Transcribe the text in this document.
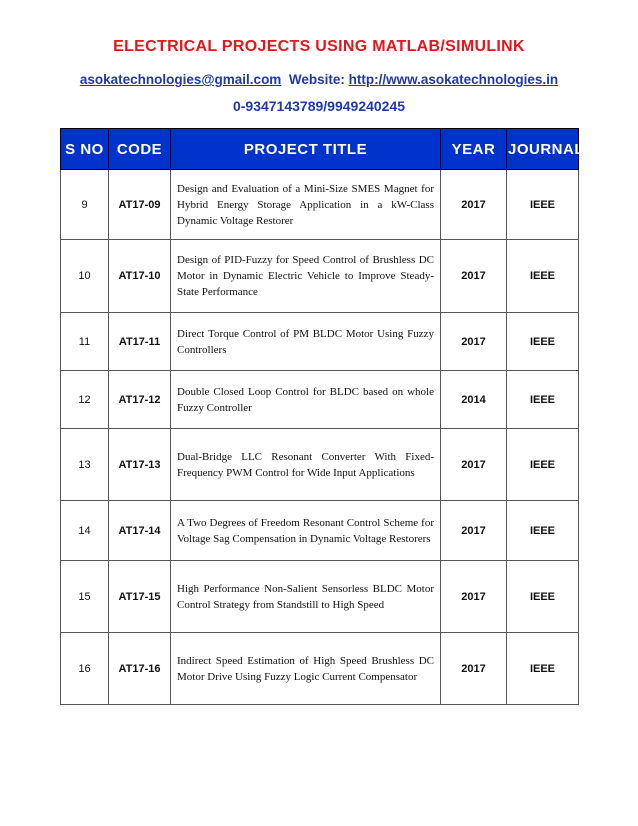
ELECTRICAL PROJECTS USING MATLAB/SIMULINK
asokatechnologies@gmail.com Website: http://www.asokatechnologies.in
0-9347143789/9949240245
S NO	CODE	PROJECT TITLE	YEAR	JOURNAL
9	AT17-09	Design and Evaluation of a Mini-Size SMES Magnet for Hybrid Energy Storage Application in a kW-Class Dynamic Voltage Restorer	2017	IEEE
10	AT17-10	Design of PID-Fuzzy for Speed Control of Brushless DC Motor in Dynamic Electric Vehicle to Improve Steady-State Performance	2017	IEEE
11	AT17-11	Direct Torque Control of PM BLDC Motor Using Fuzzy Controllers	2017	IEEE
12	AT17-12	Double Closed Loop Control for BLDC based on whole Fuzzy Controller	2014	IEEE
13	AT17-13	Dual-Bridge LLC Resonant Converter With Fixed-Frequency PWM Control for Wide Input Applications	2017	IEEE
14	AT17-14	A Two Degrees of Freedom Resonant Control Scheme for Voltage Sag Compensation in Dynamic Voltage Restorers	2017	IEEE
15	AT17-15	High Performance Non-Salient Sensorless BLDC Motor Control Strategy from Standstill to High Speed	2017	IEEE
16	AT17-16	Indirect Speed Estimation of High Speed Brushless DC Motor Drive Using Fuzzy Logic Current Compensator	2017	IEEE
